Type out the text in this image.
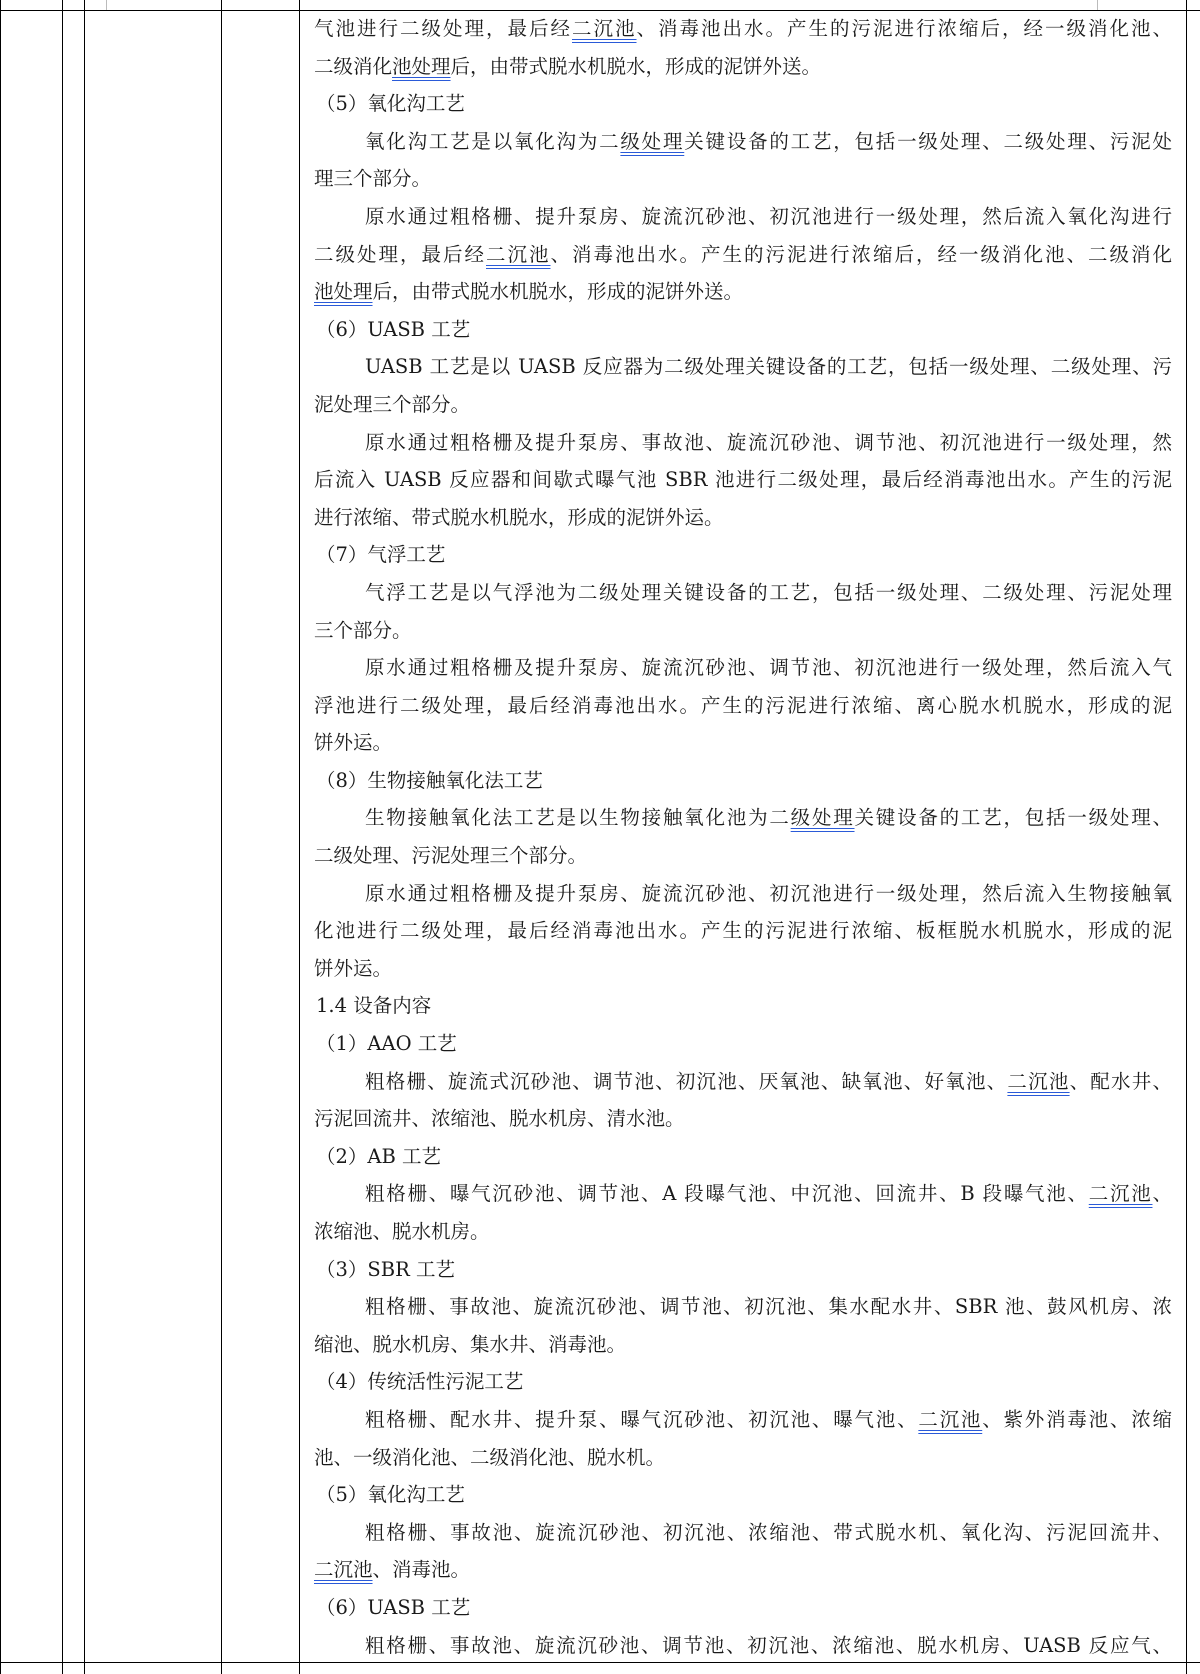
气池进行二级处理，最后经二沉池、消毒池出水。产生的污泥进行浓缩后，经一级消化池、
二级消化池处理后，由带式脱水机脱水，形成的泥饼外送。
（5）氧化沟工艺
氧化沟工艺是以氧化沟为二级处理关键设备的工艺，包括一级处理、二级处理、污泥处
理三个部分。
原水通过粗格栅、提升泵房、旋流沉砂池、初沉池进行一级处理，然后流入氧化沟进行
二级处理，最后经二沉池、消毒池出水。产生的污泥进行浓缩后，经一级消化池、二级消化
池处理后，由带式脱水机脱水，形成的泥饼外送。
（6）UASB 工艺
UASB 工艺是以 UASB 反应器为二级处理关键设备的工艺，包括一级处理、二级处理、污
泥处理三个部分。
原水通过粗格栅及提升泵房、事故池、旋流沉砂池、调节池、初沉池进行一级处理，然
后流入 UASB 反应器和间歇式曝气池 SBR 池进行二级处理，最后经消毒池出水。产生的污泥
进行浓缩、带式脱水机脱水，形成的泥饼外运。
（7）气浮工艺
气浮工艺是以气浮池为二级处理关键设备的工艺，包括一级处理、二级处理、污泥处理
三个部分。
原水通过粗格栅及提升泵房、旋流沉砂池、调节池、初沉池进行一级处理，然后流入气
浮池进行二级处理，最后经消毒池出水。产生的污泥进行浓缩、离心脱水机脱水，形成的泥
饼外运。
（8）生物接触氧化法工艺
生物接触氧化法工艺是以生物接触氧化池为二级处理关键设备的工艺，包括一级处理、
二级处理、污泥处理三个部分。
原水通过粗格栅及提升泵房、旋流沉砂池、初沉池进行一级处理，然后流入生物接触氧
化池进行二级处理，最后经消毒池出水。产生的污泥进行浓缩、板框脱水机脱水，形成的泥
饼外运。
1.4 设备内容
（1）AAO 工艺
粗格栅、旋流式沉砂池、调节池、初沉池、厌氧池、缺氧池、好氧池、二沉池、配水井、
污泥回流井、浓缩池、脱水机房、清水池。
（2）AB 工艺
粗格栅、曝气沉砂池、调节池、A 段曝气池、中沉池、回流井、B 段曝气池、二沉池、
浓缩池、脱水机房。
（3）SBR 工艺
粗格栅、事故池、旋流沉砂池、调节池、初沉池、集水配水井、SBR 池、鼓风机房、浓
缩池、脱水机房、集水井、消毒池。
（4）传统活性污泥工艺
粗格栅、配水井、提升泵、曝气沉砂池、初沉池、曝气池、二沉池、紫外消毒池、浓缩
池、一级消化池、二级消化池、脱水机。
（5）氧化沟工艺
粗格栅、事故池、旋流沉砂池、初沉池、浓缩池、带式脱水机、氧化沟、污泥回流井、
二沉池、消毒池。
（6）UASB 工艺
粗格栅、事故池、旋流沉砂池、调节池、初沉池、浓缩池、脱水机房、UASB 反应气、
